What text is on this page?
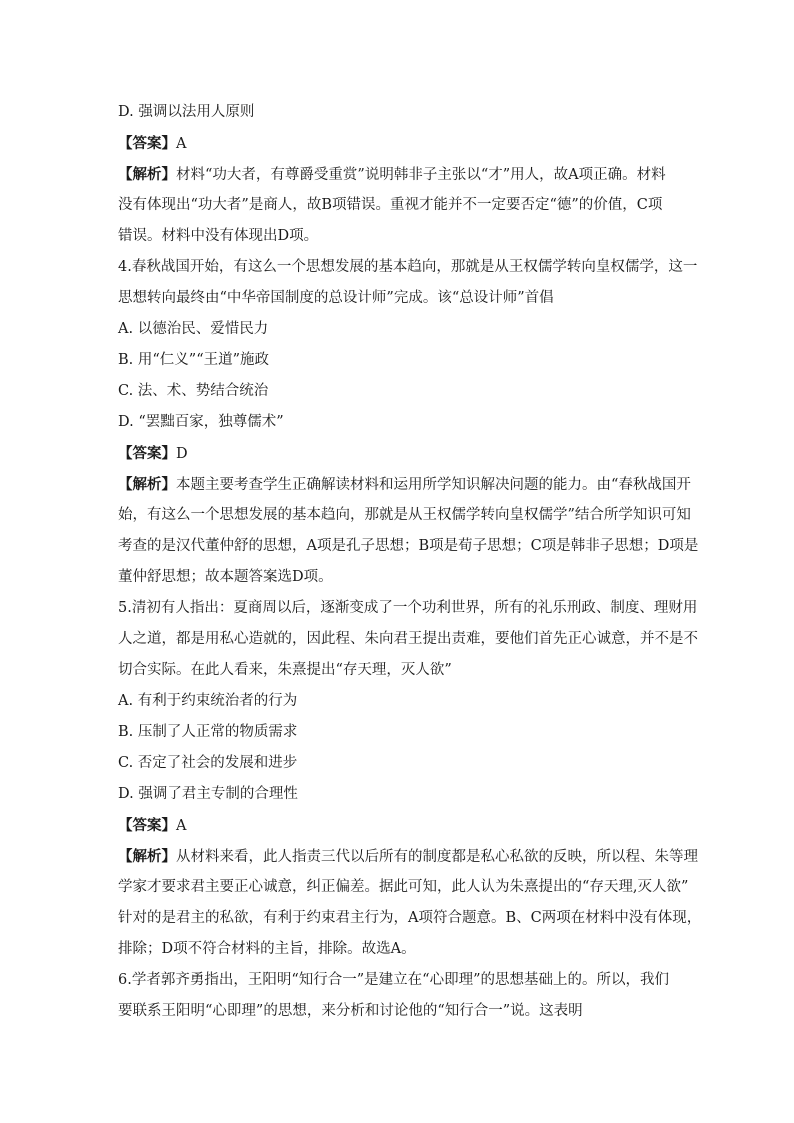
D. 强调以法用人原则
【答案】A
【解析】材料“功大者，有尊爵受重赏”说明韩非子主张以“才”用人，故A项正确。材料
没有体现出“功大者”是商人，故B项错误。重视才能并不一定要否定“德”的价值，C项
错误。材料中没有体现出D项。
4.春秋战国开始，有这么一个思想发展的基本趋向，那就是从王权儒学转向皇权儒学，这一
思想转向最终由“中华帝国制度的总设计师”完成。该“总设计师”首倡
A. 以德治民、爱惜民力
B. 用“仁义”“王道”施政
C. 法、术、势结合统治
D. “罢黜百家，独尊儒术”
【答案】D
【解析】本题主要考查学生正确解读材料和运用所学知识解决问题的能力。由“春秋战国开
始，有这么一个思想发展的基本趋向，那就是从王权儒学转向皇权儒学”结合所学知识可知
考查的是汉代董仲舒的思想，A项是孔子思想；B项是荀子思想；C项是韩非子思想；D项是
董仲舒思想；故本题答案选D项。
5.清初有人指出：夏商周以后，逐渐变成了一个功利世界，所有的礼乐刑政、制度、理财用
人之道，都是用私心造就的，因此程、朱向君王提出责难，要他们首先正心诚意，并不是不
切合实际。在此人看来，朱熹提出“存天理，灭人欲”
A. 有利于约束统治者的行为
B. 压制了人正常的物质需求
C. 否定了社会的发展和进步
D. 强调了君主专制的合理性
【答案】A
【解析】从材料来看，此人指责三代以后所有的制度都是私心私欲的反映，所以程、朱等理
学家才要求君主要正心诚意，纠正偏差。据此可知，此人认为朱熹提出的“存天理,灭人欲”
针对的是君主的私欲，有利于约束君主行为，A项符合题意。B、C两项在材料中没有体现，
排除；D项不符合材料的主旨，排除。故选A。
6.学者郭齐勇指出，王阳明“知行合一”是建立在“心即理”的思想基础上的。所以，我们
要联系王阳明“心即理”的思想，来分析和讨论他的“知行合一”说。这表明
